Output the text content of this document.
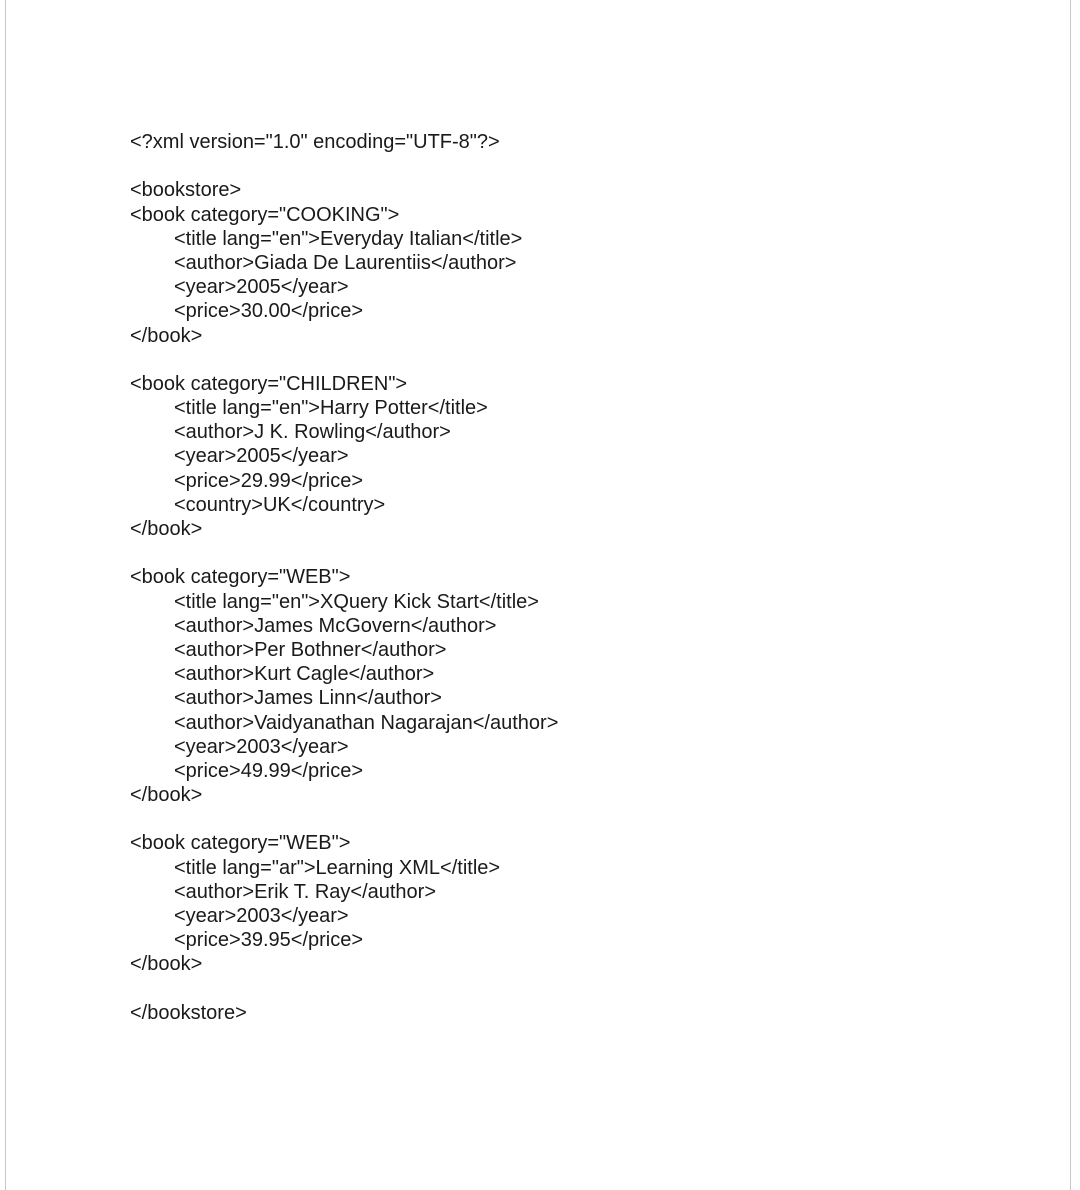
<?xml version="1.0" encoding="UTF-8"?>
<bookstore>
<book category="COOKING">
<title lang="en">Everyday Italian</title>
<author>Giada De Laurentiis</author>
<year>2005</year>
<price>30.00</price>
</book>
<book category="CHILDREN">
<title lang="en">Harry Potter</title>
<author>J K. Rowling</author>
<year>2005</year>
<price>29.99</price>
<country>UK</country>
</book>
<book category="WEB">
<title lang="en">XQuery Kick Start</title>
<author>James McGovern</author>
<author>Per Bothner</author>
<author>Kurt Cagle</author>
<author>James Linn</author>
<author>Vaidyanathan Nagarajan</author>
<year>2003</year>
<price>49.99</price>
</book>
<book category="WEB">
<title lang="ar">Learning XML</title>
<author>Erik T. Ray</author>
<year>2003</year>
<price>39.95</price>
</book>
</bookstore>
